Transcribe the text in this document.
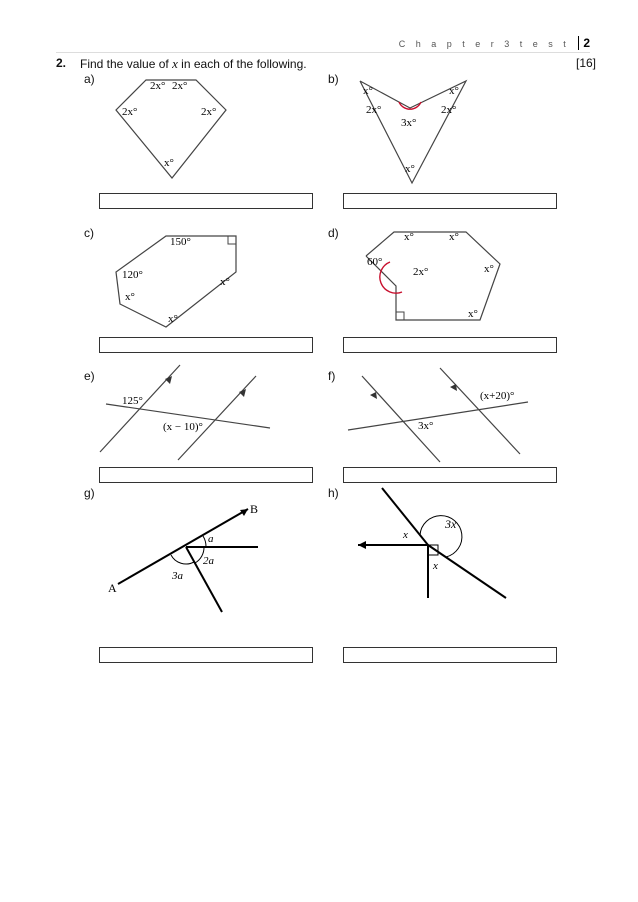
C h a p t e r 3 t e s t 2
2. Find the value of x in each of the following.	[16]
a)	b)
c)	d)
e)	f)
g)	h)
2x° 2x°
2x°	2x°
x°
x°	x°
2x°	2x°
3x°
x°
150°
120°
x°
x°
x°
x°	x°
60°
2x°	x°
x°
125°
(x − 10)°
(x+20)°
3x°
a
2a
3a
A
B
x
3x
x
